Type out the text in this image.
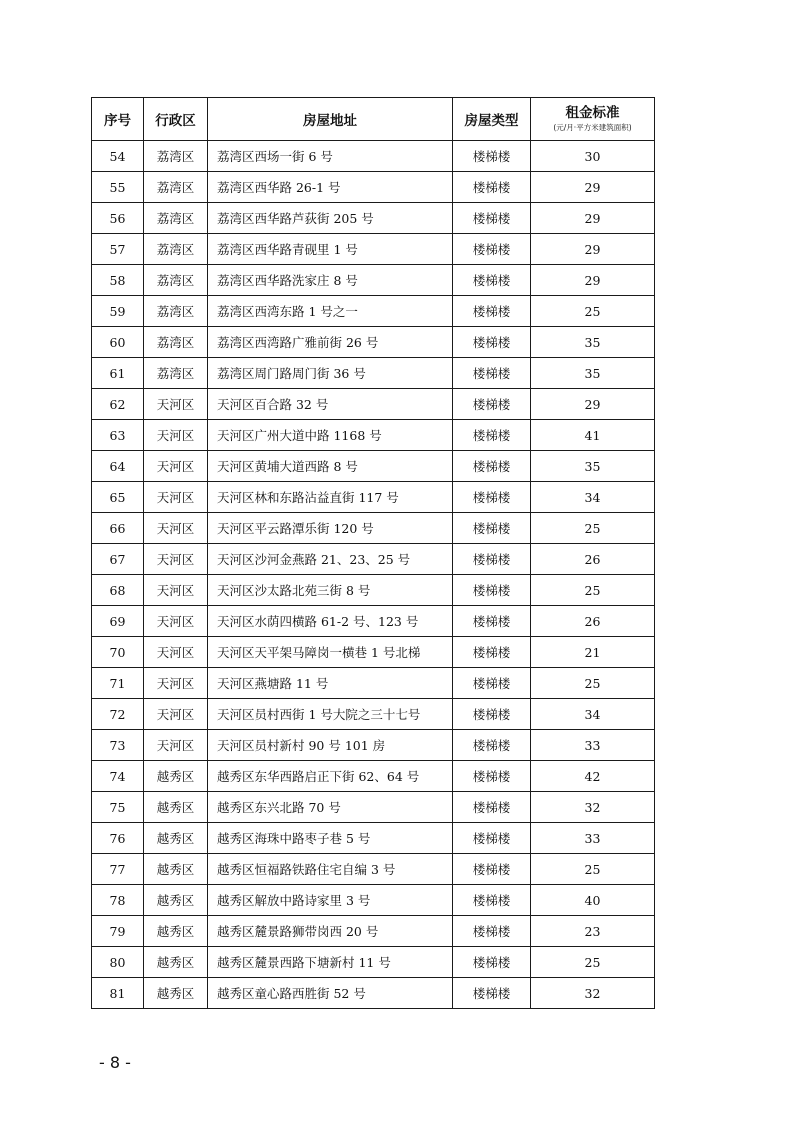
序号	行政区	房屋地址	房屋类型	租金标准
(元/月·平方米建筑面积)

54	荔湾区	荔湾区西场一街 6 号	楼梯楼	30
55	荔湾区	荔湾区西华路 26-1 号	楼梯楼	29
56	荔湾区	荔湾区西华路芦荻街 205 号	楼梯楼	29
57	荔湾区	荔湾区西华路青砚里 1 号	楼梯楼	29
58	荔湾区	荔湾区西华路洗家庄 8 号	楼梯楼	29
59	荔湾区	荔湾区西湾东路 1 号之一	楼梯楼	25
60	荔湾区	荔湾区西湾路广雅前街 26 号	楼梯楼	35
61	荔湾区	荔湾区周门路周门街 36 号	楼梯楼	35
62	天河区	天河区百合路 32 号	楼梯楼	29
63	天河区	天河区广州大道中路 1168 号	楼梯楼	41
64	天河区	天河区黄埔大道西路 8 号	楼梯楼	35
65	天河区	天河区林和东路沾益直街 117 号	楼梯楼	34
66	天河区	天河区平云路潭乐街 120 号	楼梯楼	25
67	天河区	天河区沙河金燕路 21、23、25 号	楼梯楼	26
68	天河区	天河区沙太路北苑三街 8 号	楼梯楼	25
69	天河区	天河区水荫四横路 61-2 号、123 号	楼梯楼	26
70	天河区	天河区天平架马障岗一横巷 1 号北梯	楼梯楼	21
71	天河区	天河区燕塘路 11 号	楼梯楼	25
72	天河区	天河区员村西街 1 号大院之三十七号	楼梯楼	34
73	天河区	天河区员村新村 90 号 101 房	楼梯楼	33
74	越秀区	越秀区东华西路启正下街 62、64 号	楼梯楼	42
75	越秀区	越秀区东兴北路 70 号	楼梯楼	32
76	越秀区	越秀区海珠中路枣子巷 5 号	楼梯楼	33
77	越秀区	越秀区恒福路铁路住宅自编 3 号	楼梯楼	25
78	越秀区	越秀区解放中路诗家里 3 号	楼梯楼	40
79	越秀区	越秀区麓景路狮带岗西 20 号	楼梯楼	23
80	越秀区	越秀区麓景西路下塘新村 11 号	楼梯楼	25
81	越秀区	越秀区童心路西胜街 52 号	楼梯楼	32
- 8 -
